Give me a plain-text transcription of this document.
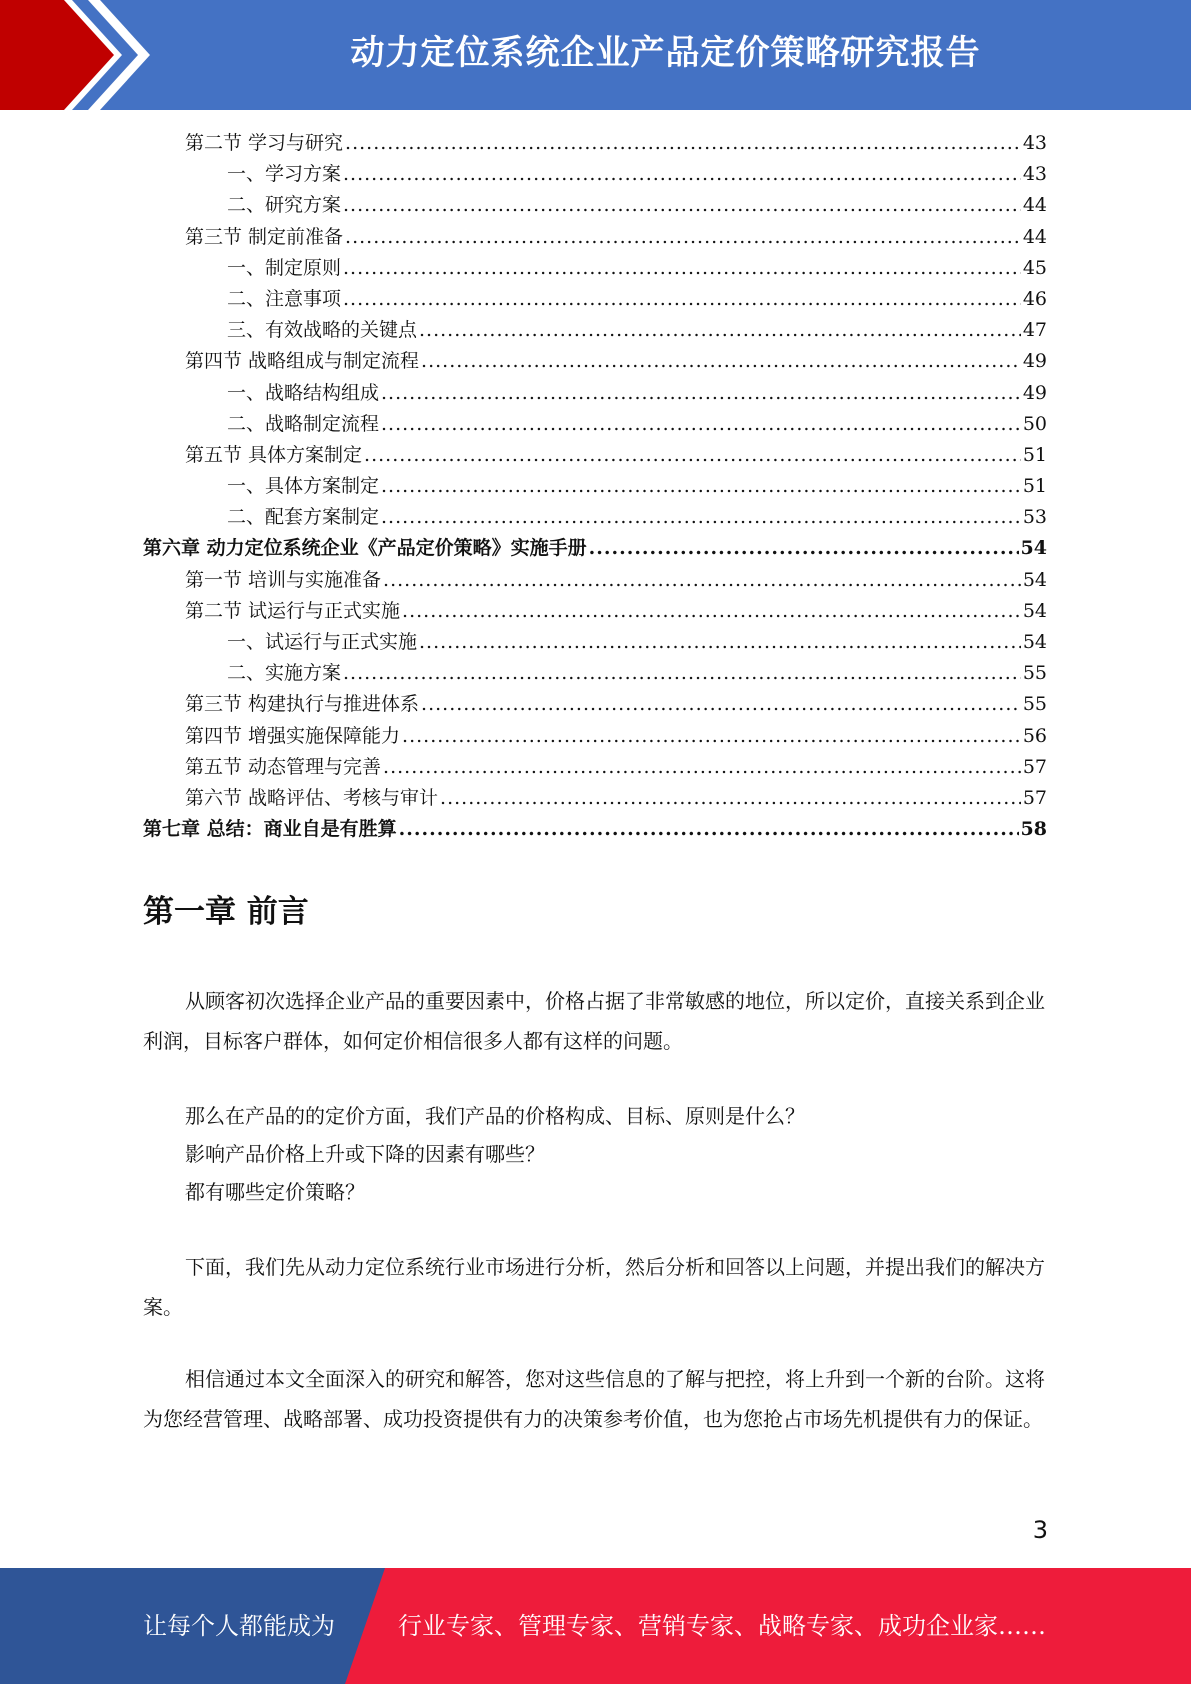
动力定位系统企业产品定价策略研究报告
第二节 学习与研究 .....	43
一、学习方案 .....	43
二、研究方案 .....	44
第三节 制定前准备 .....	44
一、制定原则 .....	45
二、注意事项 .....	46
三、有效战略的关键点 .....	47
第四节 战略组成与制定流程 .....	49
一、战略结构组成 .....	49
二、战略制定流程 .....	50
第五节 具体方案制定 .....	51
一、具体方案制定 .....	51
二、配套方案制定 .....	53
第六章 动力定位系统企业《产品定价策略》实施手册 .....	54
第一节 培训与实施准备 .....	54
第二节 试运行与正式实施 .....	54
一、试运行与正式实施 .....	54
二、实施方案 .....	55
第三节 构建执行与推进体系 .....	55
第四节 增强实施保障能力 .....	56
第五节 动态管理与完善 .....	57
第六节 战略评估、考核与审计 .....	57
第七章 总结：商业自是有胜算 .....	58
第一章 前言

从顾客初次选择企业产品的重要因素中，价格占据了非常敏感的地位，所以定价，直接关系到企业利润，目标客户群体，如何定价相信很多人都有这样的问题。

那么在产品的的定价方面，我们产品的价格构成、目标、原则是什么？

影响产品价格上升或下降的因素有哪些？

都有哪些定价策略？

下面，我们先从动力定位系统行业市场进行分析，然后分析和回答以上问题，并提出我们的解决方案。

相信通过本文全面深入的研究和解答，您对这些信息的了解与把控，将上升到一个新的台阶。这将为您经营管理、战略部署、成功投资提供有力的决策参考价值，也为您抢占市场先机提供有力的保证。

3
让每个人都能成为	行业专家、管理专家、营销专家、战略专家、成功企业家……
